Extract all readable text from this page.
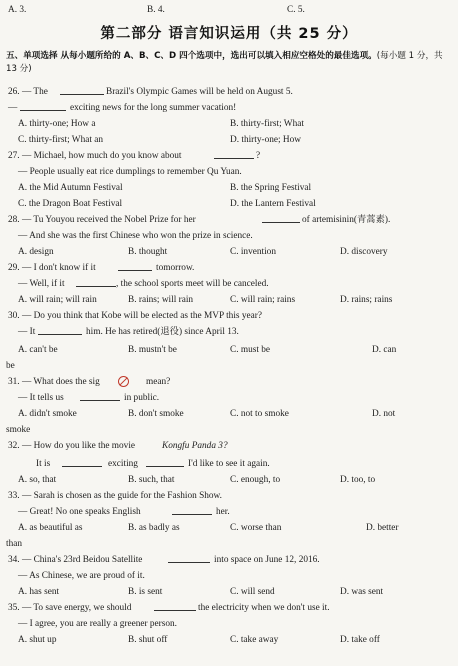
A. 3.	B. 4.	C. 5.
第二部分 语言知识运用（共 25 分）
五、单项选择 从每小题所给的 A、B、C、D 四个选项中，选出可以填入相应空格处的最佳选项。(每小题 1 分，共 13 分)
26. — The	Brazil's Olympic Games will be held on August 5.
—	exciting news for the long summer vacation!
A. thirty-one; How a	B. thirty-first; What
C. thirty-first; What an	D. thirty-one; How
27. — Michael, how much do you know about	?
— People usually eat rice dumplings to remember Qu Yuan.
A. the Mid Autumn Festival	B. the Spring Festival
C. the Dragon Boat Festival	D. the Lantern Festival
28. — Tu Youyou received the Nobel Prize for her	of artemisinin(青蒿素).
— And she was the first Chinese who won the prize in science.
A. design	B. thought	C. invention	D. discovery
29. — I don't know if it	tomorrow.
— Well, if it	, the school sports meet will be canceled.
A. will rain; will rain	B. rains; will rain	C. will rain; rains	D. rains; rains
30. — Do you think that Kobe will be elected as the MVP this year?
— It	him. He has retired(退役) since April 13.
A. can't be	B. mustn't be	C. must be	D. can
be
31. — What does the sig	mean?
— It tells us	in public.
A. didn't smoke	B. don't smoke	C. not to smoke	D. not
smoke
32. — How do you like the movie	Kongfu Panda 3?
It is	exciting	I'd like to see it again.
A. so, that	B. such, that	C. enough, to	D. too, to
33. — Sarah is chosen as the guide for the Fashion Show.
— Great! No one speaks English	her.
A. as beautiful as	B. as badly as	C. worse than	D. better
than
34. — China's 23rd Beidou Satellite	into space on June 12, 2016.
— As Chinese, we are proud of it.
A. has sent	B. is sent	C. will send	D. was sent
35. — To save energy, we should	the electricity when we don't use it.
— I agree, you are really a greener person.
A. shut up	B. shut off	C. take away	D. take off
